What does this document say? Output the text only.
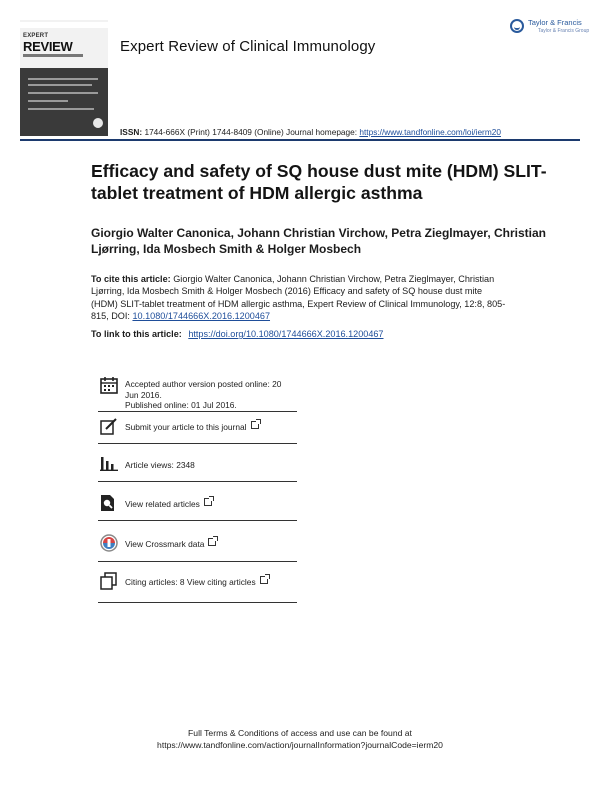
EXPERT
REVIEW	Expert Review of Clinical Immunology
Taylor & Francis
Taylor & Francis Group
ISSN: 1744-666X (Print) 1744-8409 (Online) Journal homepage: https://www.tandfonline.com/loi/ierm20
Efficacy and safety of SQ house dust mite (HDM) SLIT-tablet treatment of HDM allergic asthma
Giorgio Walter Canonica, Johann Christian Virchow, Petra Zieglmayer, Christian Ljørring, Ida Mosbech Smith & Holger Mosbech
To cite this article: Giorgio Walter Canonica, Johann Christian Virchow, Petra Zieglmayer, Christian Ljørring, Ida Mosbech Smith & Holger Mosbech (2016) Efficacy and safety of SQ house dust mite (HDM) SLIT-tablet treatment of HDM allergic asthma, Expert Review of Clinical Immunology, 12:8, 805-815, DOI: 10.1080/1744666X.2016.1200467
To link to this article: https://doi.org/10.1080/1744666X.2016.1200467
Accepted author version posted online: 20 Jun 2016.
Published online: 01 Jul 2016.
Submit your article to this journal
Article views: 2348
View related articles
View Crossmark data
Citing articles: 8 View citing articles
Full Terms & Conditions of access and use can be found at
https://www.tandfonline.com/action/journalInformation?journalCode=ierm20
